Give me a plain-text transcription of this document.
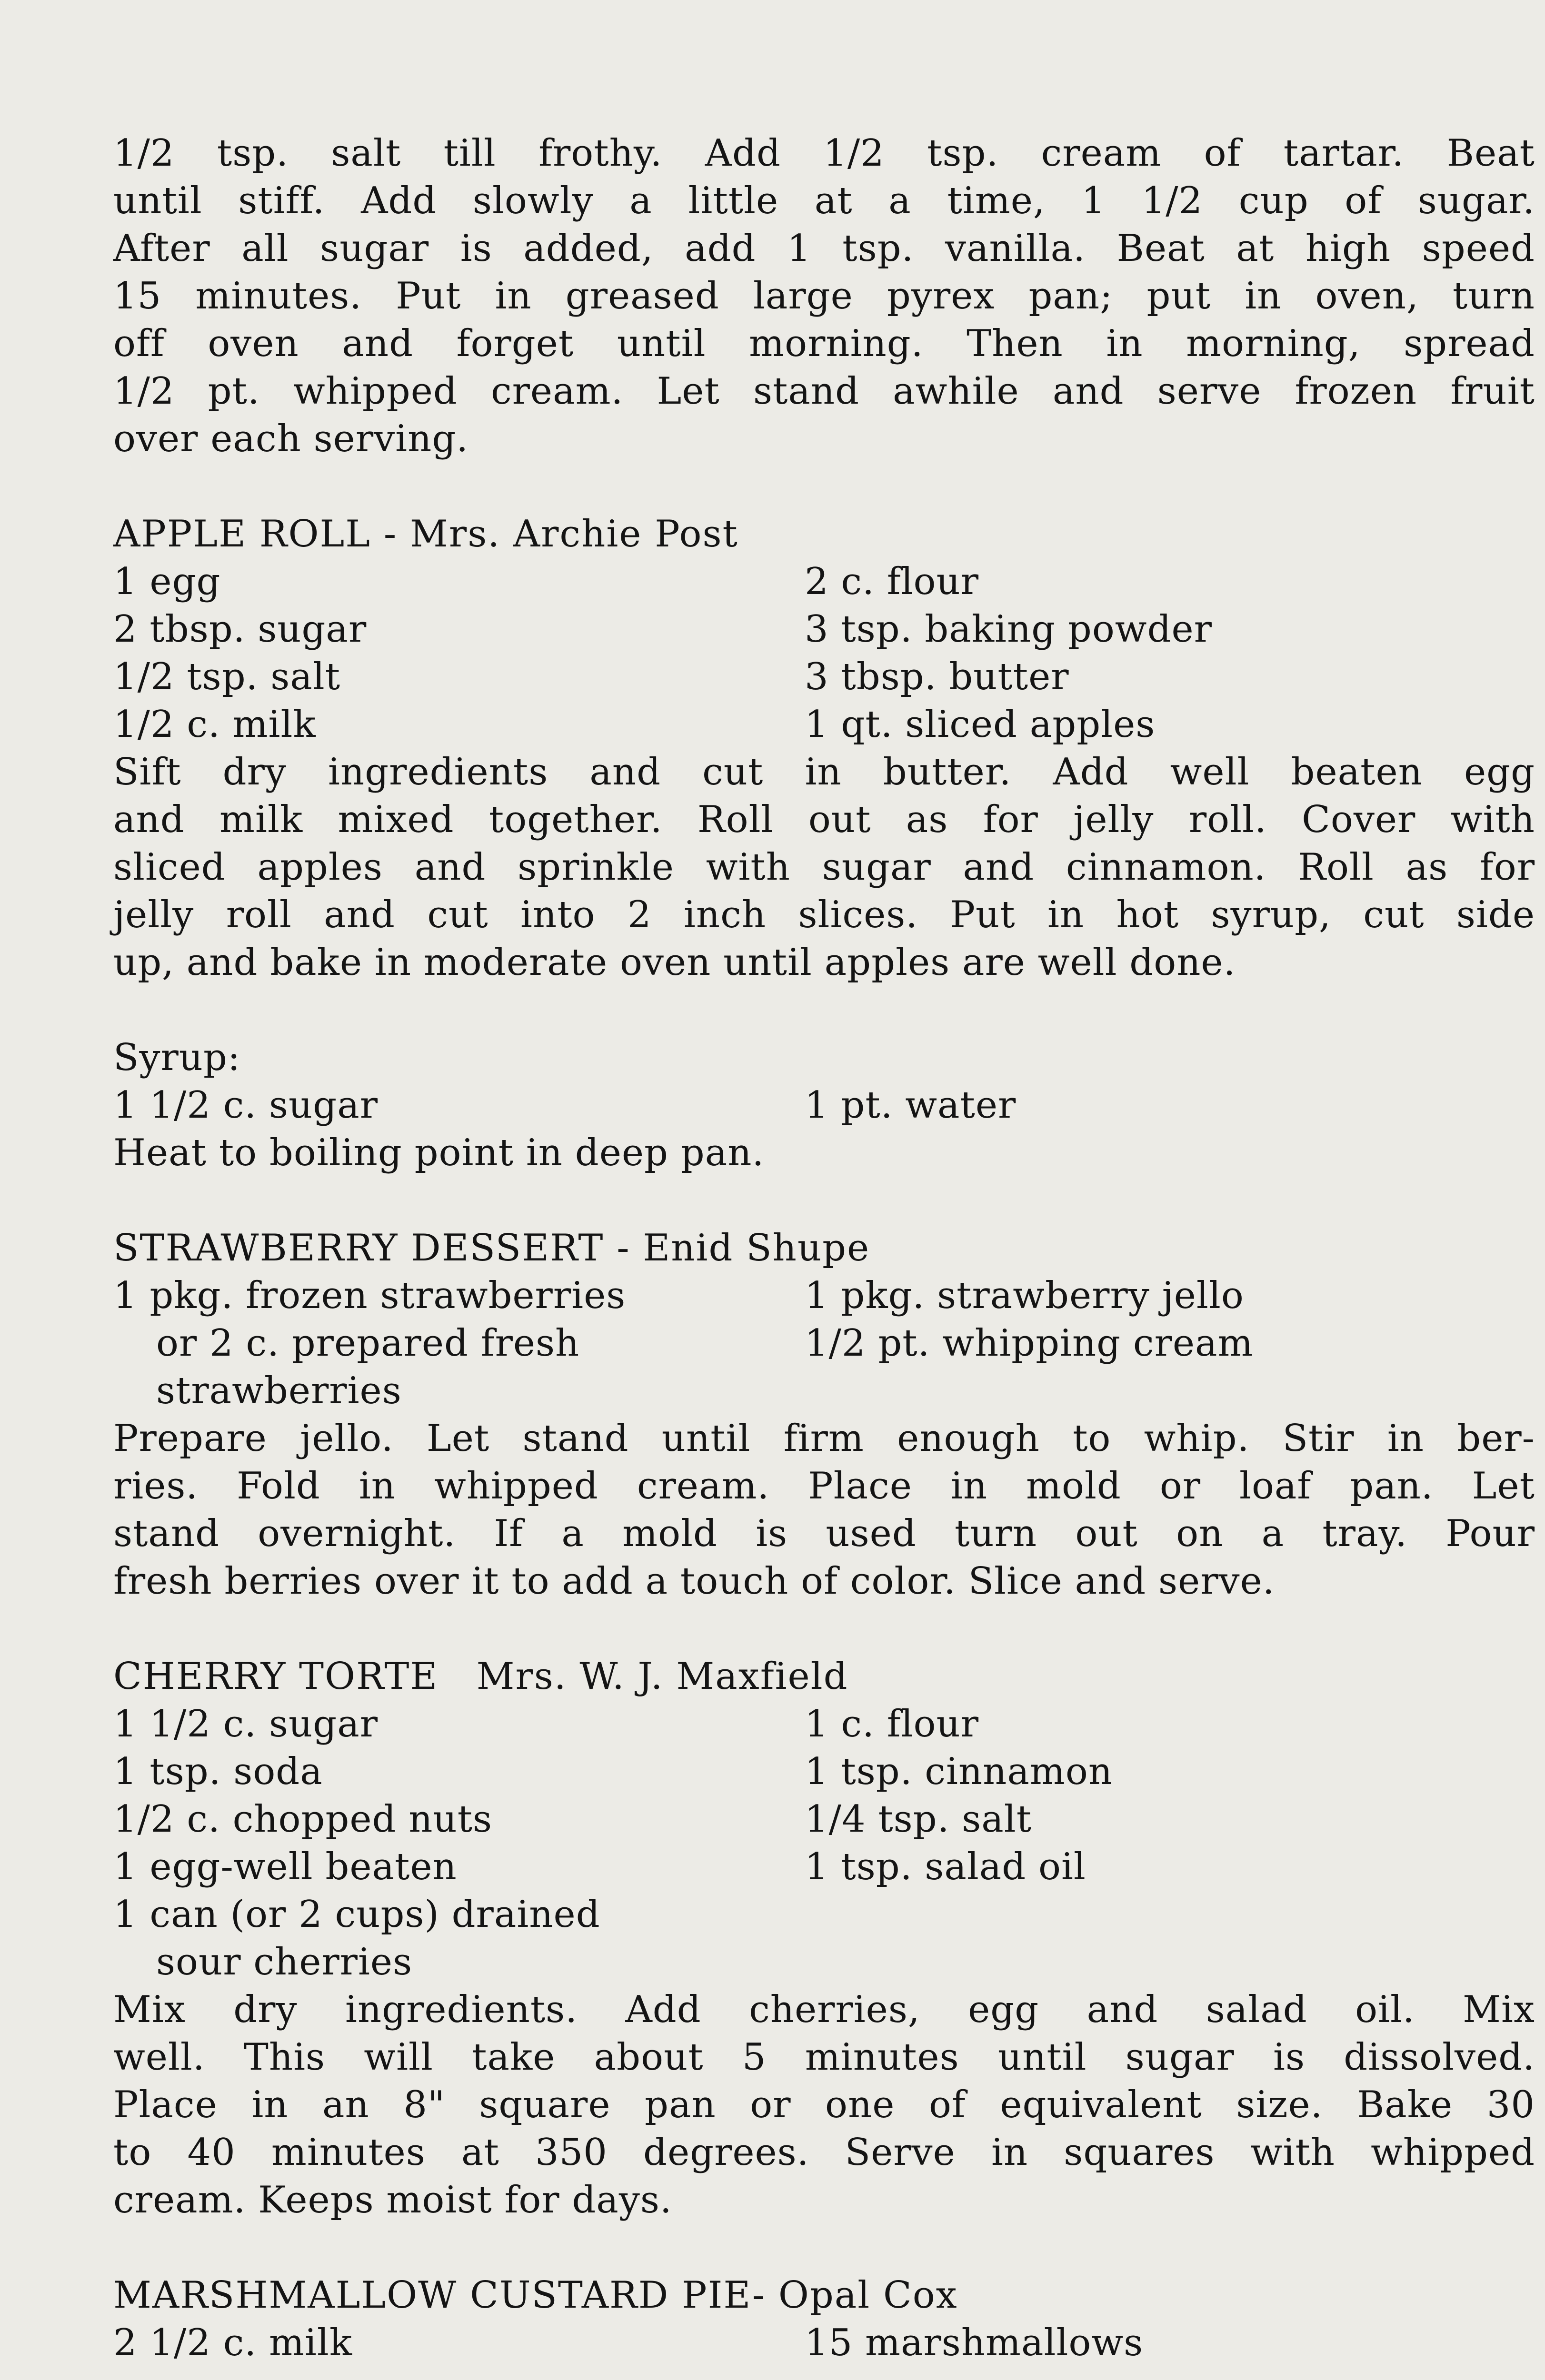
1/2 tsp. salt till frothy. Add 1/2 tsp. cream of tartar. Beat
until stiff. Add slowly a little at a time, 1 1/2 cup of sugar.
After all sugar is added, add 1 tsp. vanilla. Beat at high speed
15 minutes. Put in greased large pyrex pan; put in oven, turn
off oven and forget until morning. Then in morning, spread
1/2 pt. whipped cream. Let stand awhile and serve frozen fruit
over each serving.
APPLE ROLL - Mrs. Archie Post
1 egg	2 c. flour
2 tbsp. sugar	3 tsp. baking powder
1/2 tsp. salt	3 tbsp. butter
1/2 c. milk	1 qt. sliced apples
Sift dry ingredients and cut in butter. Add well beaten egg
and milk mixed together. Roll out as for jelly roll. Cover with
sliced apples and sprinkle with sugar and cinnamon. Roll as for
jelly roll and cut into 2 inch slices. Put in hot syrup, cut side
up, and bake in moderate oven until apples are well done.
Syrup:
1 1/2 c. sugar	1 pt. water
Heat to boiling point in deep pan.
STRAWBERRY DESSERT - Enid Shupe
1 pkg. frozen strawberries	1 pkg. strawberry jello
or 2 c. prepared fresh	1/2 pt. whipping cream
strawberries
Prepare jello. Let stand until firm enough to whip. Stir in ber-
ries. Fold in whipped cream. Place in mold or loaf pan. Let
stand overnight. If a mold is used turn out on a tray. Pour
fresh berries over it to add a touch of color. Slice and serve.
CHERRY TORTE   Mrs. W. J. Maxfield
1 1/2 c. sugar	1 c. flour
1 tsp. soda	1 tsp. cinnamon
1/2 c. chopped nuts	1/4 tsp. salt
1 egg-well beaten	1 tsp. salad oil
1 can (or 2 cups) drained
sour cherries
Mix dry ingredients. Add cherries, egg and salad oil. Mix
well. This will take about 5 minutes until sugar is dissolved.
Place in an 8" square pan or one of equivalent size. Bake 30
to 40 minutes at 350 degrees. Serve in squares with whipped
cream. Keeps moist for days.
MARSHMALLOW CUSTARD PIE- Opal Cox
2 1/2 c. milk	15 marshmallows
